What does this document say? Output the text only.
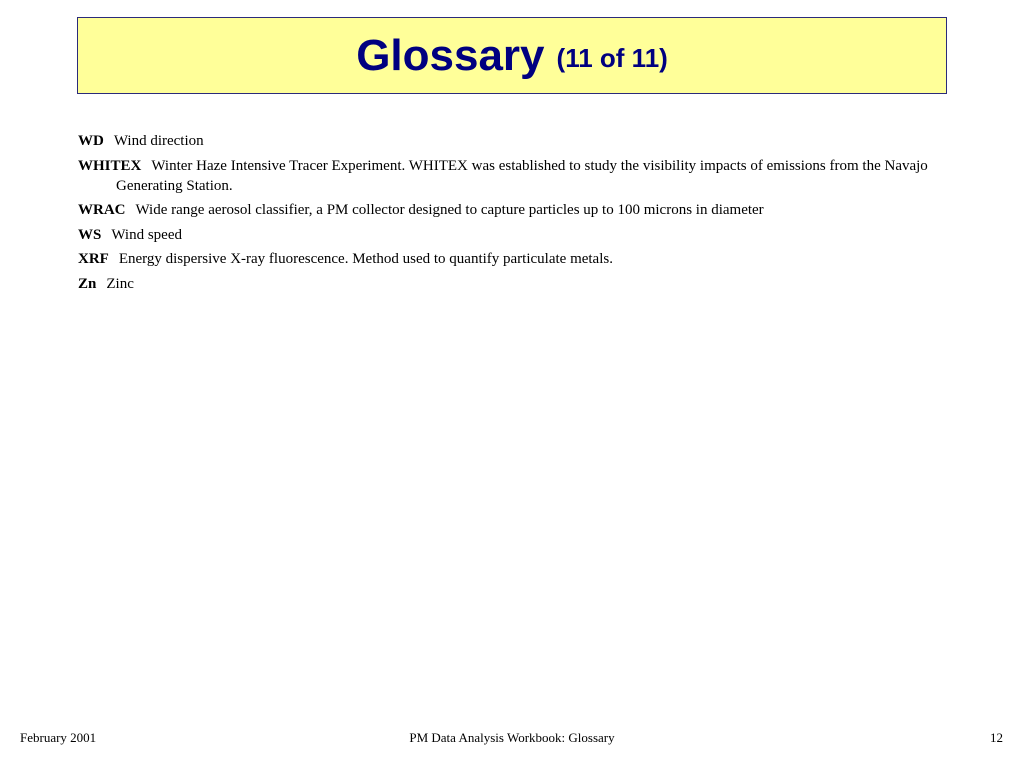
Glossary (11 of 11)
WD Wind direction
WHITEX Winter Haze Intensive Tracer Experiment. WHITEX was established to study the visibility impacts of emissions from the Navajo Generating Station.
WRAC Wide range aerosol classifier, a PM collector designed to capture particles up to 100 microns in diameter
WS Wind speed
XRF Energy dispersive X-ray fluorescence. Method used to quantify particulate metals.
Zn Zinc
February 2001	PM Data Analysis Workbook: Glossary	12
